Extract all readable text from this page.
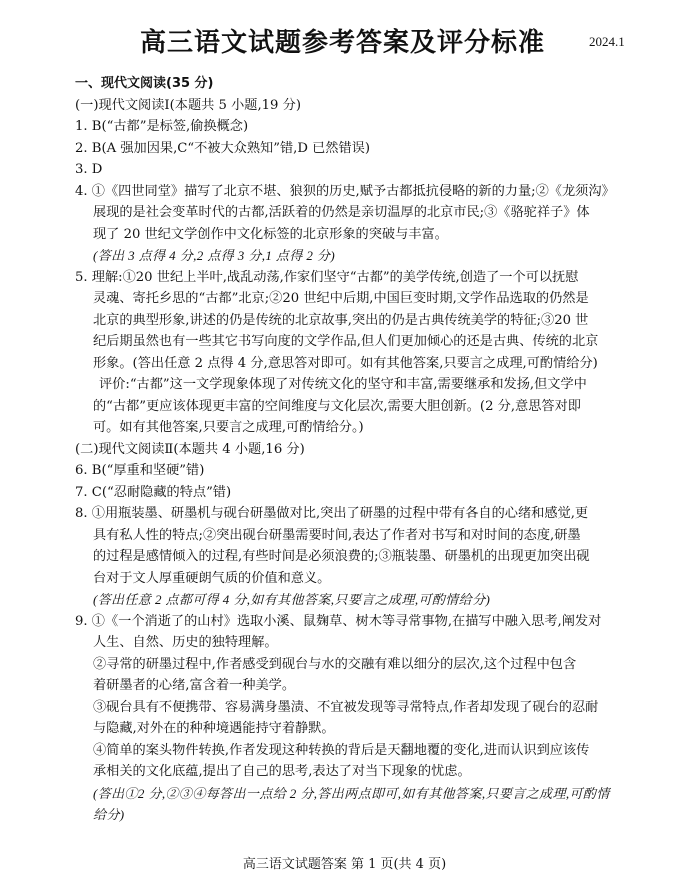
高三语文试题参考答案及评分标准	2024.1
一、现代文阅读(35 分)
(一)现代文阅读Ⅰ(本题共 5 小题,19 分)
1. B(“古都”是标签,偷换概念)
2. B(A 强加因果,C“不被大众熟知”错,D 已然错误)
3. D
4. ①《四世同堂》描写了北京不堪、狼狈的历史,赋予古都抵抗侵略的新的力量;②《龙须沟》
展现的是社会变革时代的古都,活跃着的仍然是亲切温厚的北京市民;③《骆驼祥子》体
现了 20 世纪文学创作中文化标签的北京形象的突破与丰富。
(答出 3 点得 4 分,2 点得 3 分,1 点得 2 分)
5. 理解:①20 世纪上半叶,战乱动荡,作家们坚守“古都”的美学传统,创造了一个可以抚慰
灵魂、寄托乡思的“古都”北京;②20 世纪中后期,中国巨变时期,文学作品选取的仍然是
北京的典型形象,讲述的仍是传统的北京故事,突出的仍是古典传统美学的特征;③20 世
纪后期虽然也有一些其它书写向度的文学作品,但人们更加倾心的还是古典、传统的北京
形象。(答出任意 2 点得 4 分,意思答对即可。如有其他答案,只要言之成理,可酌情给分)
评价:“古都”这一文学现象体现了对传统文化的坚守和丰富,需要继承和发扬,但文学中
的“古都”更应该体现更丰富的空间维度与文化层次,需要大胆创新。(2 分,意思答对即
可。如有其他答案,只要言之成理,可酌情给分。)
(二)现代文阅读Ⅱ(本题共 4 小题,16 分)
6. B(“厚重和坚硬”错)
7. C(“忍耐隐藏的特点”错)
8. ①用瓶装墨、研墨机与砚台研墨做对比,突出了研墨的过程中带有各自的心绪和感觉,更
具有私人性的特点;②突出砚台研墨需要时间,表达了作者对书写和对时间的态度,研墨
的过程是感情倾入的过程,有些时间是必须浪费的;③瓶装墨、研墨机的出现更加突出砚
台对于文人厚重硬朗气质的价值和意义。
(答出任意 2 点都可得 4 分,如有其他答案,只要言之成理,可酌情给分)
9. ①《一个消逝了的山村》选取小溪、鼠麹草、树木等寻常事物,在描写中融入思考,阐发对
人生、自然、历史的独特理解。
②寻常的研墨过程中,作者感受到砚台与水的交融有难以细分的层次,这个过程中包含
着研墨者的心绪,富含着一种美学。
③砚台具有不便携带、容易满身墨渍、不宜被发现等寻常特点,作者却发现了砚台的忍耐
与隐藏,对外在的种种境遇能持守着静默。
④简单的案头物件转换,作者发现这种转换的背后是天翻地覆的变化,进而认识到应该传
承相关的文化底蕴,提出了自己的思考,表达了对当下现象的忧虑。
(答出①2 分,②③④每答出一点给 2 分,答出两点即可,如有其他答案,只要言之成理,可酌情
给分)
高三语文试题答案 第 1 页(共 4 页)
